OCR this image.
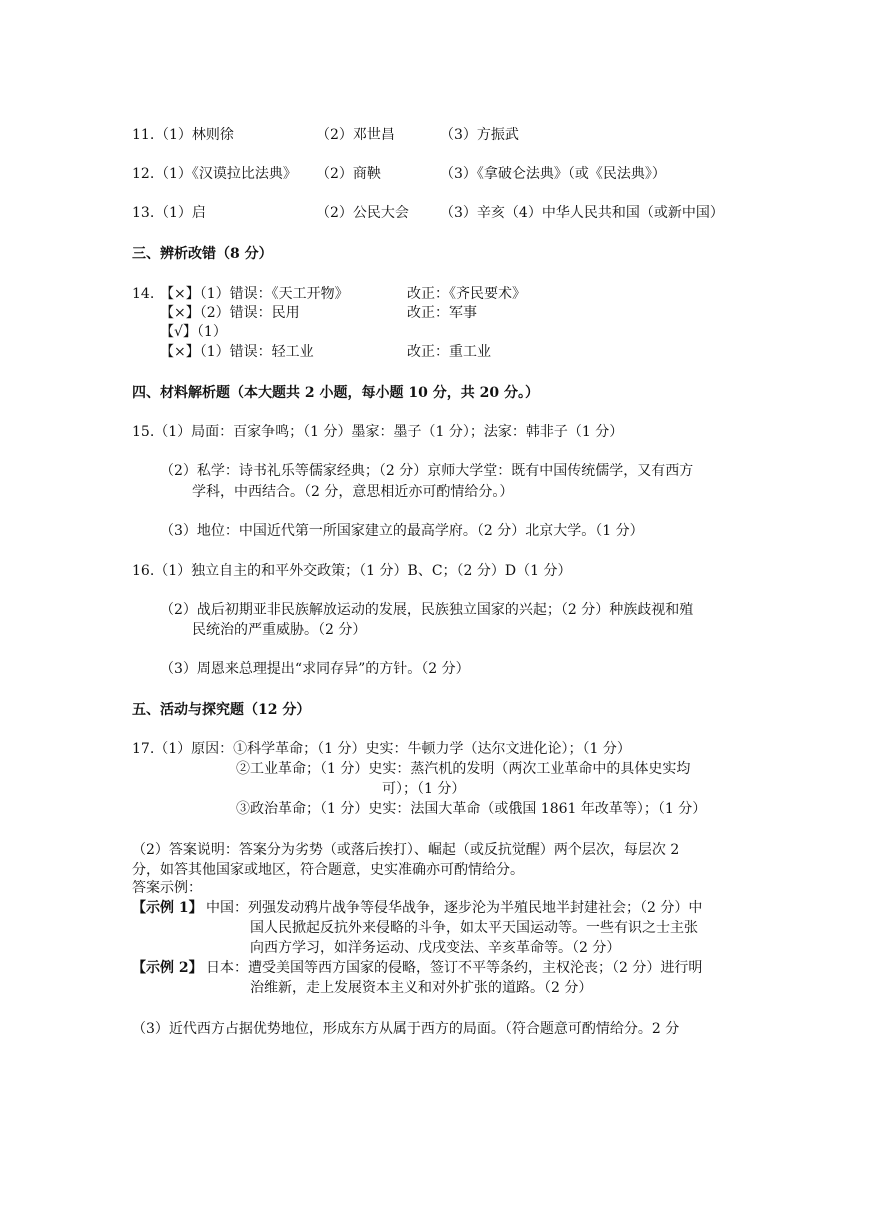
11. （1）林则徐	（2）邓世昌	（3）方振武
12. （1）《汉谟拉比法典》 （2）商鞅	（3）《拿破仑法典》（或《民法典》）
13. （1）启	（2）公民大会 （3）辛亥（4）中华人民共和国（或新中国）
三、辨析改错（8 分）
14. 【×】（1）错误：《天工开物》	改正：《齐民要术》
【×】（2）错误：民用	改正：军事
【√】（1）
【×】（1）错误：轻工业	改正：重工业
四、材料解析题（本大题共 2 小题，每小题 10 分，共 20 分。）
15.（1）局面：百家争鸣；（1 分）墨家：墨子（1 分）；法家：韩非子（1 分）
（2）私学：诗书礼乐等儒家经典；（2 分）京师大学堂：既有中国传统儒学，又有西方
学科，中西结合。（2 分，意思相近亦可酌情给分。）
（3）地位：中国近代第一所国家建立的最高学府。（2 分）北京大学。（1 分）
16.（1）独立自主的和平外交政策；（1 分）B、C；（2 分）D（1 分）
（2）战后初期亚非民族解放运动的发展，民族独立国家的兴起；（2 分）种族歧视和殖
民统治的严重威胁。（2 分）
（3）周恩来总理提出“求同存异”的方针。（2 分）
五、活动与探究题（12 分）
17.（1）原因：①科学革命；（1 分）史实：牛顿力学（达尔文进化论）；（1 分）
②工业革命；（1 分）史实：蒸汽机的发明（两次工业革命中的具体史实均
可）；（1 分）
③政治革命；（1 分）史实：法国大革命（或俄国 1861 年改革等）；（1 分）
（2）答案说明：答案分为劣势（或落后挨打）、崛起（或反抗觉醒）两个层次，每层次 2
分，如答其他国家或地区，符合题意，史实准确亦可酌情给分。
答案示例：
【示例 1】 中国：列强发动鸦片战争等侵华战争，逐步沦为半殖民地半封建社会；（2 分）中
国人民掀起反抗外来侵略的斗争，如太平天国运动等。一些有识之士主张
向西方学习，如洋务运动、戊戌变法、辛亥革命等。（2 分）
【示例 2】 日本：遭受美国等西方国家的侵略，签订不平等条约，主权沦丧；（2 分）进行明
治维新，走上发展资本主义和对外扩张的道路。（2 分）
（3）近代西方占据优势地位，形成东方从属于西方的局面。（符合题意可酌情给分。2 分
